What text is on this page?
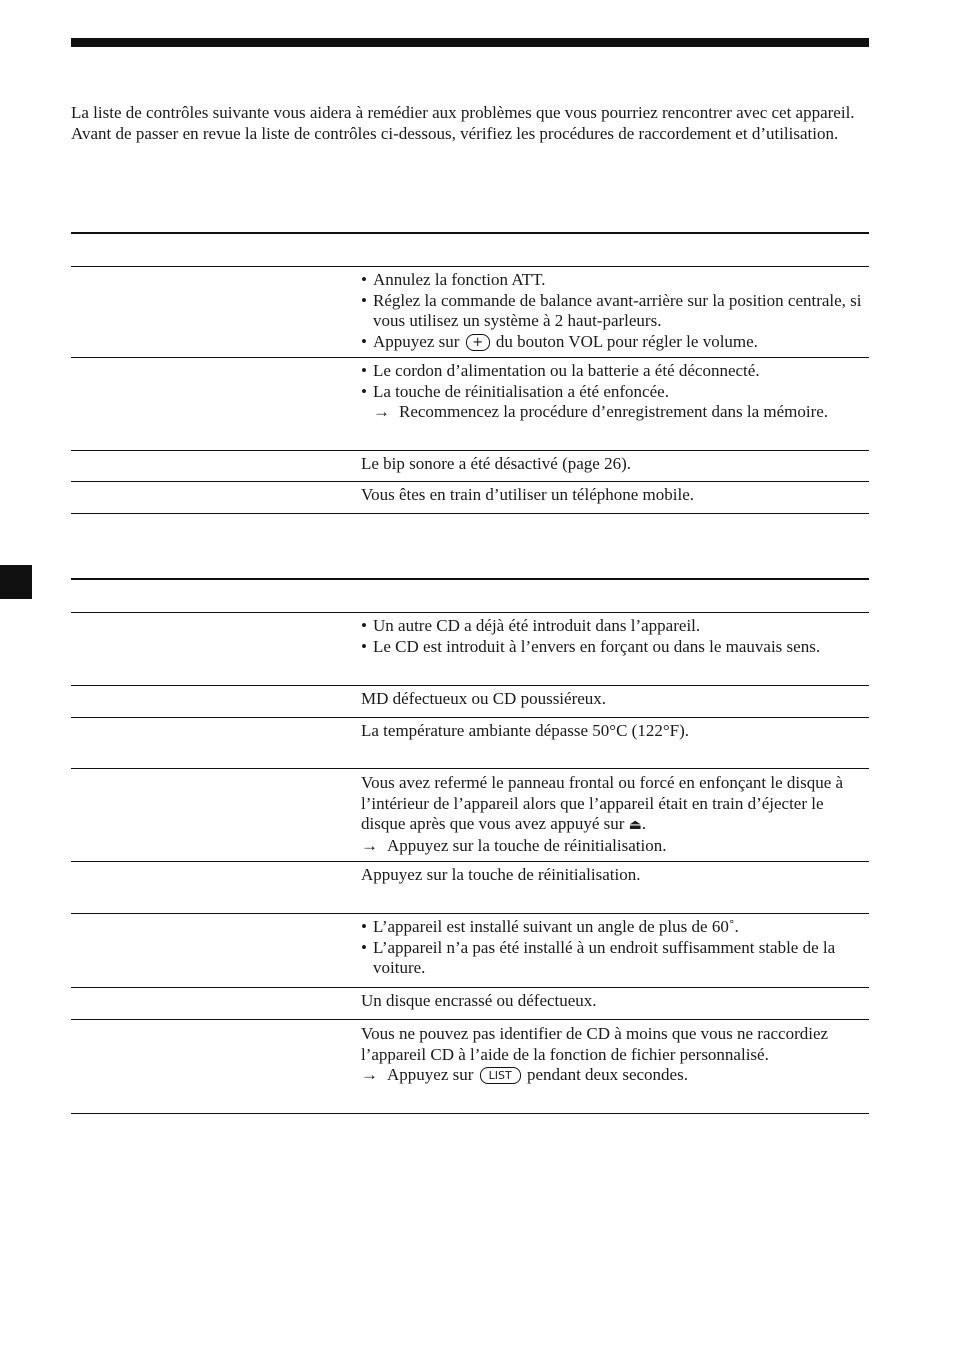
La liste de contrôles suivante vous aidera à remédier aux problèmes que vous pourriez rencontrer avec cet appareil.

Avant de passer en revue la liste de contrôles ci-dessous, vérifiez les procédures de raccordement et d’utilisation.

• Annulez la fonction ATT.
• Réglez la commande de balance avant-arrière sur la position centrale, si vous utilisez un système à 2 haut-parleurs.
• Appuyez sur + du bouton VOL pour régler le volume.
• Le cordon d’alimentation ou la batterie a été déconnecté.
• La touche de réinitialisation a été enfoncée.
→ Recommencez la procédure d’enregistrement dans la mémoire.

Le bip sonore a été désactivé (page 26).

Vous êtes en train d’utiliser un téléphone mobile.

• Un autre CD a déjà été introduit dans l’appareil.
• Le CD est introduit à l’envers en forçant ou dans le mauvais sens.

MD défectueux ou CD poussiéreux.

La température ambiante dépasse 50°C (122°F).

Vous avez refermé le panneau frontal ou forcé en enfonçant le disque à l’intérieur de l’appareil alors que l’appareil était en train d’éjecter le disque après que vous avez appuyé sur ⏏.

→ Appuyez sur la touche de réinitialisation.

Appuyez sur la touche de réinitialisation.

• L’appareil est installé suivant un angle de plus de 60˚.
• L’appareil n’a pas été installé à un endroit suffisamment stable de la voiture.

Un disque encrassé ou défectueux.

Vous ne pouvez pas identifier de CD à moins que vous ne raccordiez l’appareil CD à l’aide de la fonction de fichier personnalisé.

→ Appuyez sur LIST pendant deux secondes.
